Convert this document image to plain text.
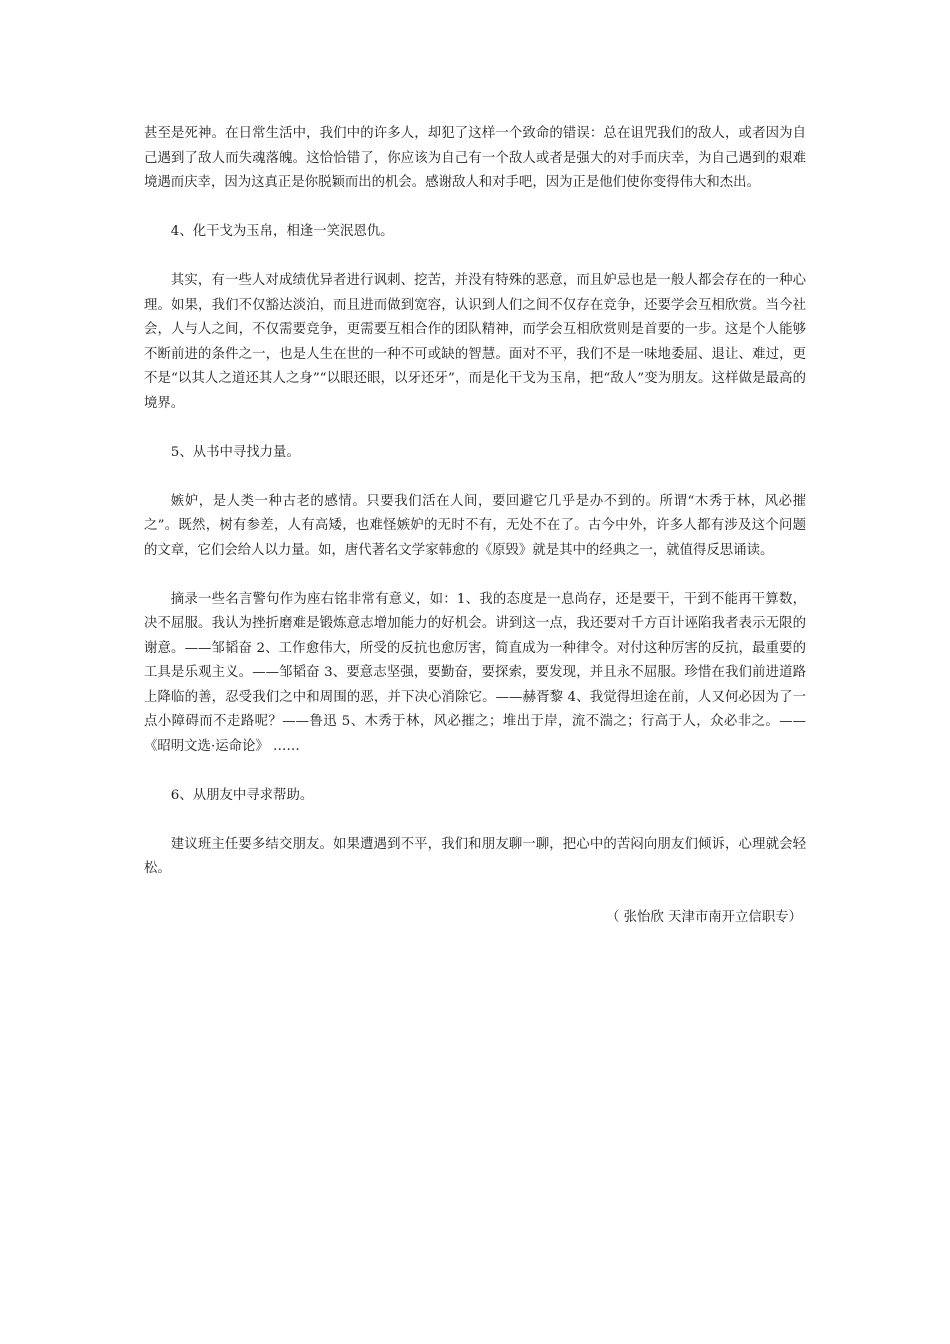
甚至是死神。在日常生活中，我们中的许多人，却犯了这样一个致命的错误：总在诅咒我们的敌人，或者因为自己遇到了敌人而失魂落魄。这恰恰错了，你应该为自己有一个敌人或者是强大的对手而庆幸，为自己遇到的艰难境遇而庆幸，因为这真正是你脱颖而出的机会。感谢敌人和对手吧，因为正是他们使你变得伟大和杰出。

4、化干戈为玉帛，相逢一笑泯恩仇。

其实，有一些人对成绩优异者进行讽刺、挖苦，并没有特殊的恶意，而且妒忌也是一般人都会存在的一种心理。如果，我们不仅豁达淡泊，而且进而做到宽容，认识到人们之间不仅存在竞争，还要学会互相欣赏。当今社会，人与人之间，不仅需要竞争，更需要互相合作的团队精神，而学会互相欣赏则是首要的一步。这是个人能够不断前进的条件之一，也是人生在世的一种不可或缺的智慧。面对不平，我们不是一味地委屈、退让、难过，更不是“以其人之道还其人之身”“以眼还眼，以牙还牙”，而是化干戈为玉帛，把“敌人”变为朋友。这样做是最高的境界。

5、从书中寻找力量。

嫉妒，是人类一种古老的感情。只要我们活在人间，要回避它几乎是办不到的。所谓“木秀于林，风必摧之”。既然，树有参差，人有高矮，也难怪嫉妒的无时不有，无处不在了。古今中外，许多人都有涉及这个问题的文章，它们会给人以力量。如，唐代著名文学家韩愈的《原毁》就是其中的经典之一，就值得反思诵读。

摘录一些名言警句作为座右铭非常有意义，如：1、我的态度是一息尚存，还是要干，干到不能再干算数，决不屈服。我认为挫折磨难是锻炼意志增加能力的好机会。讲到这一点，我还要对千方百计诬陷我者表示无限的谢意。——邹韬奋 2、工作愈伟大，所受的反抗也愈厉害，简直成为一种律令。对付这种厉害的反抗，最重要的工具是乐观主义。——邹韬奋 3、要意志坚强，要勤奋，要探索，要发现，并且永不屈服。珍惜在我们前进道路上降临的善，忍受我们之中和周围的恶，并下决心消除它。——赫胥黎 4、我觉得坦途在前，人又何必因为了一点小障碍而不走路呢？——鲁迅 5、木秀于林，风必摧之；堆出于岸，流不湍之；行高于人，众必非之。——《昭明文选·运命论》 ……

6、从朋友中寻求帮助。

建议班主任要多结交朋友。如果遭遇到不平，我们和朋友聊一聊，把心中的苦闷向朋友们倾诉，心理就会轻松。

（ 张怡欣 天津市南开立信职专）
